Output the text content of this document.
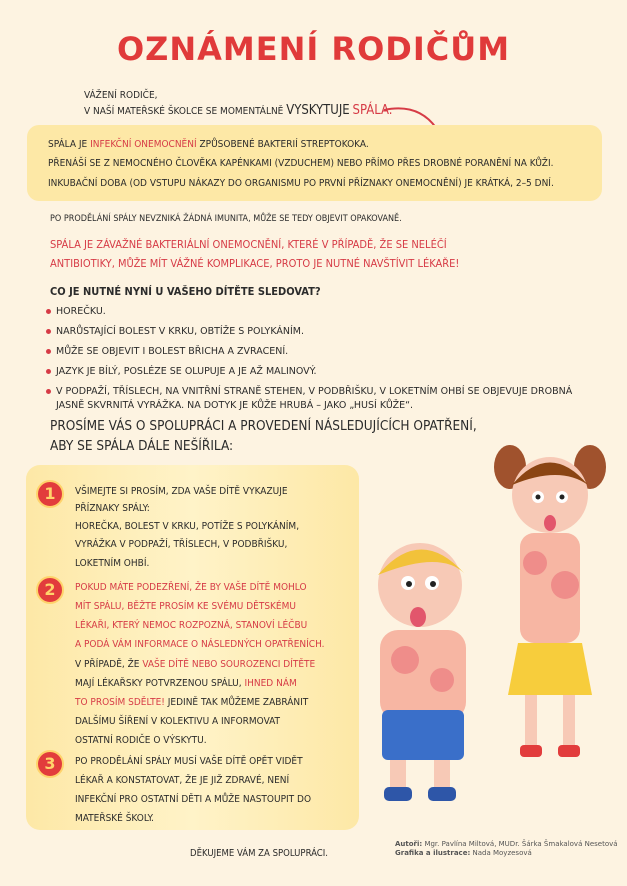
OZNÁMENÍ RODIČŮM
VÁŽENÍ RODIČE,
V NAŠÍ MATEŘSKÉ ŠKOLCE SE MOMENTÁLNĚ VYSKYTUJE SPÁLA.
SPÁLA JE INFEKČNÍ ONEMOCNĚNÍ ZPŮSOBENÉ BAKTERIÍ STREPTOKOKA.
PŘENÁŠÍ SE Z NEMOCNÉHO ČLOVĚKA KAPÉNKAMI (VZDUCHEM) NEBO PŘÍMO PŘES DROBNÉ PORANĚNÍ NA KŮŽI.
INKUBAČNÍ DOBA (OD VSTUPU NÁKAZY DO ORGANISMU PO PRVNÍ PŘÍZNAKY ONEMOCNĚNÍ) JE KRÁTKÁ, 2–5 DNÍ.
PO PRODĚLÁNÍ SPÁLY NEVZNIKÁ ŽÁDNÁ IMUNITA, MŮŽE SE TEDY OBJEVIT OPAKOVANĚ.
SPÁLA JE ZÁVAŽNÉ BAKTERIÁLNÍ ONEMOCNĚNÍ, KTERÉ V PŘÍPADĚ, ŽE SE NELÉČÍ
ANTIBIOTIKY, MŮŽE MÍT VÁŽNÉ KOMPLIKACE, PROTO JE NUTNÉ NAVŠTÍVIT LÉKAŘE!
CO JE NUTNÉ NYNÍ U VAŠEHO DÍTĚTE SLEDOVAT?
HOREČKU.
NARŮSTAJÍCÍ BOLEST V KRKU, OBTÍŽE S POLYKÁNÍM.
MŮŽE SE OBJEVIT I BOLEST BŘICHA A ZVRACENÍ.
JAZYK JE BÍLÝ, POSLÉZE SE OLUPUJE A JE AŽ MALINOVÝ.
V PODPAŽÍ, TŘÍSLECH, NA VNITŘNÍ STRANĚ STEHEN, V PODBŘIŠKU, V LOKETNÍM OHBÍ SE OBJEVUJE DROBNÁ JASNĚ SKVRNITÁ VYRÁŽKA. NA DOTYK JE KŮŽE HRUBÁ – JAKO „HUSÍ KŮŽE“.
PROSÍME VÁS O SPOLUPRÁCI A PROVEDENÍ NÁSLEDUJÍCÍCH OPATŘENÍ,
ABY SE SPÁLA DÁLE NEŠÍŘILA:
1
2
3
VŠIMEJTE SI PROSÍM, ZDA VAŠE DÍTĚ VYKAZUJE
PŘÍZNAKY SPÁLY:
HOREČKA, BOLEST V KRKU, POTÍŽE S POLYKÁNÍM,
VYRÁŽKA V PODPAŽÍ, TŘÍSLECH, V PODBŘIŠKU,
LOKETNÍM OHBÍ.
POKUD MÁTE PODEZŘENÍ, ŽE BY VAŠE DÍTĚ MOHLO
MÍT SPÁLU, BĚŽTE PROSÍM KE SVÉMU DĚTSKÉMU
LÉKAŘI, KTERÝ NEMOC ROZPOZNÁ, STANOVÍ LÉČBU
A PODÁ VÁM INFORMACE O NÁSLEDNÝCH OPATŘENÍCH.
V PŘÍPADĚ, ŽE VAŠE DÍTĚ NEBO SOUROZENCI DÍTĚTE
MAJÍ LÉKAŘSKY POTVRZENOU SPÁLU, IHNED NÁM
TO PROSÍM SDĚLTE! JEDINĚ TAK MŮŽEME ZABRÁNIT
DALŠÍMU ŠÍŘENÍ V KOLEKTIVU A INFORMOVAT
OSTATNÍ RODIČE O VÝSKYTU.
PO PRODĚLÁNÍ SPÁLY MUSÍ VAŠE DÍTĚ OPĚT VIDĚT
LÉKAŘ A KONSTATOVAT, ŽE JE JIŽ ZDRAVÉ, NENÍ
INFEKČNÍ PRO OSTATNÍ DĚTI A MŮŽE NASTOUPIT DO
MATEŘSKÉ ŠKOLY.
DĚKUJEME VÁM ZA SPOLUPRÁCI.
Autoři: Mgr. Pavlína Miltová, MUDr. Šárka Šmakalová Nesetová
Grafika a ilustrace: Nada Moyzesová
